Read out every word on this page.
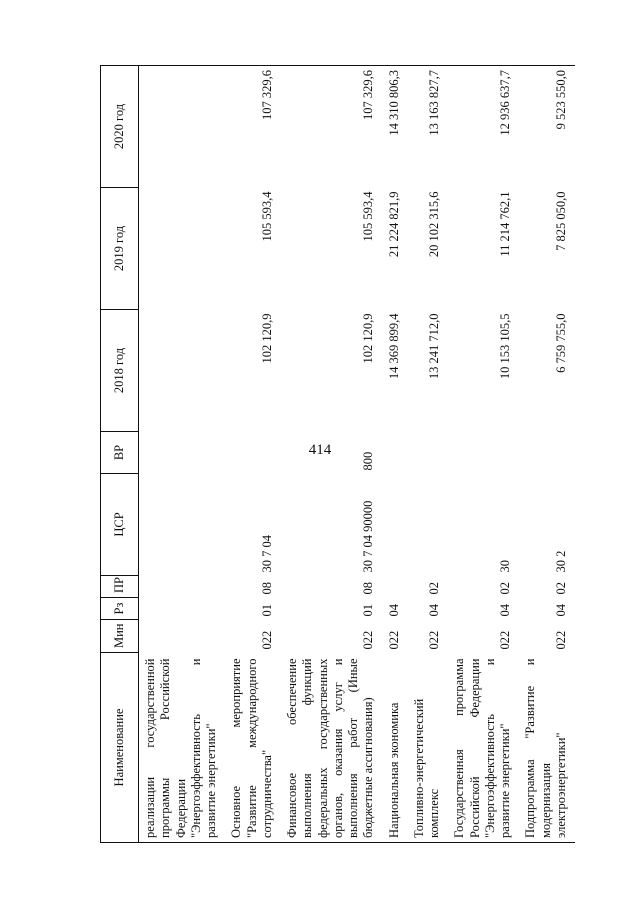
414
Наименование	Мин	Рз	ПР	ЦСР	ВР	2018 год	2019 год	2020 год
реализации государственной программы Российской Федерации "Энергоэффективность и развитие энергетики"								
Основное мероприятие "Развитие международного сотрудничества"	022	01	08	30 7 04		102 120,9	105 593,4	107 329,6
Финансовое обеспечение выполнения функций федеральных государственных органов, оказания услуг и выполнения работ (Иные бюджетные ассигнования)	022	01	08	30 7 04 90000	800	102 120,9	105 593,4	107 329,6
Национальная экономика	022	04				14 369 899,4	21 224 821,9	14 310 806,3
Топливно-энергетический комплекс	022	04	02			13 241 712,0	20 102 315,6	13 163 827,7
Государственная программа Российской Федерации "Энергоэффективность и развитие энергетики"	022	04	02	30		10 153 105,5	11 214 762,1	12 936 637,7
Подпрограмма "Развитие и модернизация электроэнергетики"	022	04	02	30 2		6 759 755,0	7 825 050,0	9 523 550,0
